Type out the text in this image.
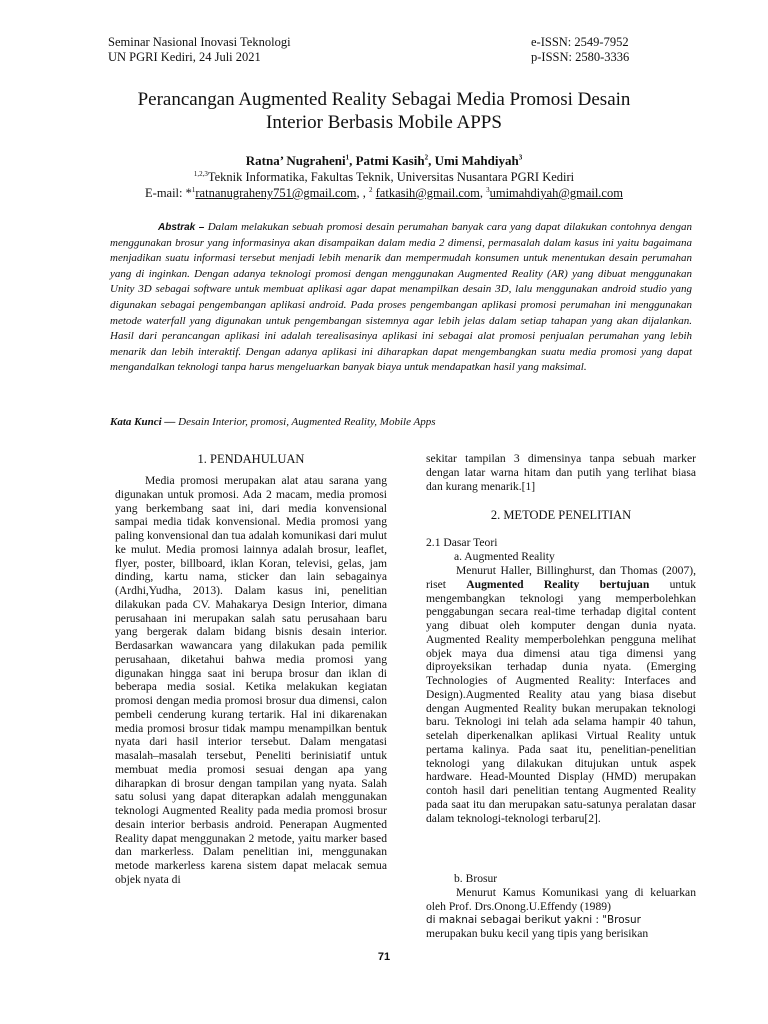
Seminar Nasional Inovasi Teknologi
UN PGRI Kediri, 24 Juli 2021
e-ISSN: 2549-7952
p-ISSN: 2580-3336
Perancangan Augmented Reality Sebagai Media Promosi Desain
Interior Berbasis Mobile APPS
Ratna’ Nugraheni$^1$, Patmi Kasih$^2$, Umi Mahdiyah$^3$
$^{1,2,3}$Teknik Informatika, Fakultas Teknik, Universitas Nusantara PGRI Kediri
E-mail: *$^1$ratnanugraheny751@gmail.com, , $^2$ fatkasih@gmail.com, $^3$umimahdiyah@gmail.com
Abstrak – Dalam melakukan sebuah promosi desain perumahan banyak cara yang dapat dilakukan contohnya dengan menggunakan brosur yang informasinya akan disampaikan dalam media 2 dimensi, permasalah dalam kasus ini yaitu bagaimana menjadikan suatu informasi tersebut menjadi lebih menarik dan mempermudah konsumen untuk menentukan desain perumahan yang di inginkan. Dengan adanya teknologi promosi dengan menggunakan Augmented Reality (AR) yang dibuat menggunakan Unity 3D sebagai software untuk membuat aplikasi agar dapat menampilkan desain 3D, lalu menggunakan android studio yang digunakan sebagai pengembangan aplikasi android. Pada proses pengembangan aplikasi promosi perumahan ini menggunakan metode waterfall yang digunakan untuk pengembangan sistemnya agar lebih jelas dalam setiap tahapan yang akan dijalankan. Hasil dari perancangan aplikasi ini adalah terealisasinya aplikasi ini sebagai alat promosi penjualan perumahan yang lebih menarik dan lebih interaktif. Dengan adanya aplikasi ini diharapkan dapat mengembangkan suatu media promosi yang dapat mengandalkan teknologi tanpa harus mengeluarkan banyak biaya untuk mendapatkan hasil yang maksimal.
Kata Kunci — Desain Interior, promosi, Augmented Reality, Mobile Apps
1. PENDAHULUAN

Media promosi merupakan alat atau sarana yang digunakan untuk promosi. Ada 2 macam, media promosi yang berkembang saat ini, dari media konvensional sampai media tidak konvensional. Media promosi yang paling konvensional dan tua adalah komunikasi dari mulut ke mulut. Media promosi lainnya adalah brosur, leaflet, flyer, poster, billboard, iklan Koran, televisi, gelas, jam dinding, kartu nama, sticker dan lain sebagainya (Ardhi,Yudha, 2013). Dalam kasus ini, penelitian dilakukan pada CV. Mahakarya Design Interior, dimana perusahaan ini merupakan salah satu perusahaan baru yang bergerak dalam bidang bisnis desain interior. Berdasarkan wawancara yang dilakukan pada pemilik perusahaan, diketahui bahwa media promosi yang digunakan hingga saat ini berupa brosur dan iklan di beberapa media sosial. Ketika melakukan kegiatan promosi dengan media promosi brosur dua dimensi, calon pembeli cenderung kurang tertarik. Hal ini dikarenakan media promosi brosur tidak mampu menampilkan bentuk nyata dari hasil interior tersebut. Dalam mengatasi masalah–masalah tersebut, Peneliti berinisiatif untuk membuat media promosi sesuai dengan apa yang diharapkan di brosur dengan tampilan yang nyata. Salah satu solusi yang dapat diterapkan adalah menggunakan teknologi Augmented Reality pada media promosi brosur desain interior berbasis android. Penerapan Augmented Reality dapat menggunakan 2 metode, yaitu marker based dan markerless. Dalam penelitian ini, menggunakan metode markerless karena sistem dapat melacak semua objek nyata di

sekitar tampilan 3 dimensinya tanpa sebuah marker dengan latar warna hitam dan putih yang terlihat biasa dan kurang menarik.[1]

2. METODE PENELITIAN
2.1 Dasar Teori
a. Augmented Reality

Menurut Haller, Billinghurst, dan Thomas (2007), riset Augmented Reality bertujuan untuk mengembangkan teknologi yang memperbolehkan penggabungan secara real-time terhadap digital content yang dibuat oleh komputer dengan dunia nyata. Augmented Reality memperbolehkan pengguna melihat objek maya dua dimensi atau tiga dimensi yang diproyeksikan terhadap dunia nyata. (Emerging Technologies of Augmented Reality: Interfaces and Design).Augmented Reality atau yang biasa disebut dengan Augmented Reality bukan merupakan teknologi baru. Teknologi ini telah ada selama hampir 40 tahun, setelah diperkenalkan aplikasi Virtual Reality untuk pertama kalinya. Pada saat itu, penelitian-penelitian teknologi yang dilakukan ditujukan untuk aspek hardware. Head-Mounted Display (HMD) merupakan contoh hasil dari penelitian tentang Augmented Reality pada saat itu dan merupakan satu-satunya peralatan dasar dalam teknologi-teknologi terbaru[2].

b. Brosur

Menurut Kamus Komunikasi yang di keluarkan oleh Prof. Drs.Onong.U.Effendy (1989)

di maknai sebagai berikut yakni : "Brosur

merupakan buku kecil yang tipis yang berisikan

71
